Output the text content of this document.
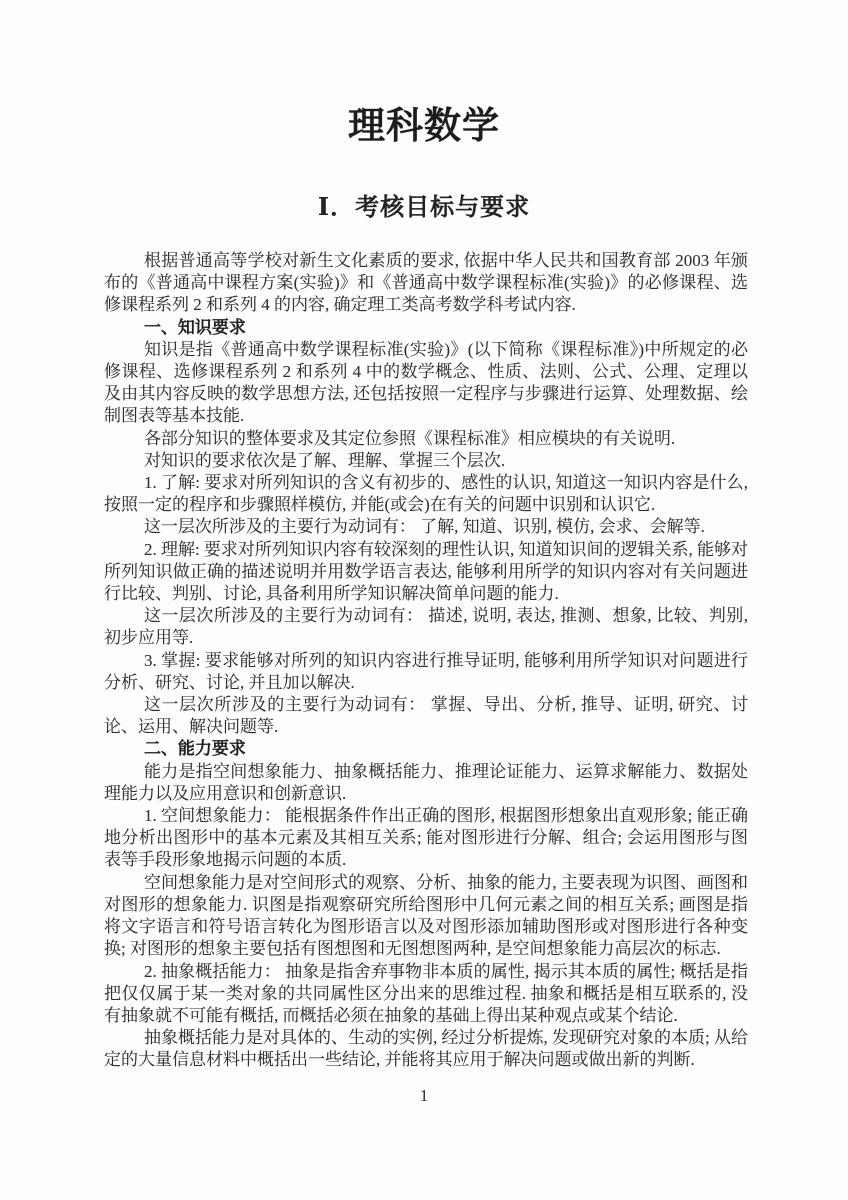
理科数学
Ⅰ．考核目标与要求

根据普通高等学校对新生文化素质的要求, 依据中华人民共和国教育部 2003 年颁布的《普通高中课程方案(实验)》和《普通高中数学课程标准(实验)》的必修课程、选修课程系列 2 和系列 4 的内容, 确定理工类高考数学科考试内容.

一、知识要求

知识是指《普通高中数学课程标准(实验)》(以下简称《课程标准》)中所规定的必修课程、选修课程系列 2 和系列 4 中的数学概念、性质、法则、公式、公理、定理以及由其内容反映的数学思想方法, 还包括按照一定程序与步骤进行运算、处理数据、绘制图表等基本技能.

各部分知识的整体要求及其定位参照《课程标准》相应模块的有关说明.

对知识的要求依次是了解、理解、掌握三个层次.

1. 了解: 要求对所列知识的含义有初步的、感性的认识, 知道这一知识内容是什么, 按照一定的程序和步骤照样模仿, 并能(或会)在有关的问题中识别和认识它.

这一层次所涉及的主要行为动词有： 了解, 知道、识别, 模仿, 会求、会解等.

2. 理解: 要求对所列知识内容有较深刻的理性认识, 知道知识间的逻辑关系, 能够对所列知识做正确的描述说明并用数学语言表达, 能够利用所学的知识内容对有关问题进行比较、判别、讨论, 具备利用所学知识解决简单问题的能力.

这一层次所涉及的主要行为动词有： 描述, 说明, 表达, 推测、想象, 比较、判别, 初步应用等.

3. 掌握: 要求能够对所列的知识内容进行推导证明, 能够利用所学知识对问题进行分析、研究、讨论, 并且加以解决.

这一层次所涉及的主要行为动词有： 掌握、导出、分析, 推导、证明, 研究、讨论、运用、解决问题等.

二、能力要求

能力是指空间想象能力、抽象概括能力、推理论证能力、运算求解能力、数据处理能力以及应用意识和创新意识.

1. 空间想象能力： 能根据条件作出正确的图形, 根据图形想象出直观形象; 能正确地分析出图形中的基本元素及其相互关系; 能对图形进行分解、组合; 会运用图形与图表等手段形象地揭示问题的本质.

空间想象能力是对空间形式的观察、分析、抽象的能力, 主要表现为识图、画图和对图形的想象能力. 识图是指观察研究所给图形中几何元素之间的相互关系; 画图是指将文字语言和符号语言转化为图形语言以及对图形添加辅助图形或对图形进行各种变换; 对图形的想象主要包括有图想图和无图想图两种, 是空间想象能力高层次的标志.

2. 抽象概括能力： 抽象是指舍弃事物非本质的属性, 揭示其本质的属性; 概括是指把仅仅属于某一类对象的共同属性区分出来的思维过程. 抽象和概括是相互联系的, 没有抽象就不可能有概括, 而概括必须在抽象的基础上得出某种观点或某个结论.

抽象概括能力是对具体的、生动的实例, 经过分析提炼, 发现研究对象的本质; 从给定的大量信息材料中概括出一些结论, 并能将其应用于解决问题或做出新的判断.

1
